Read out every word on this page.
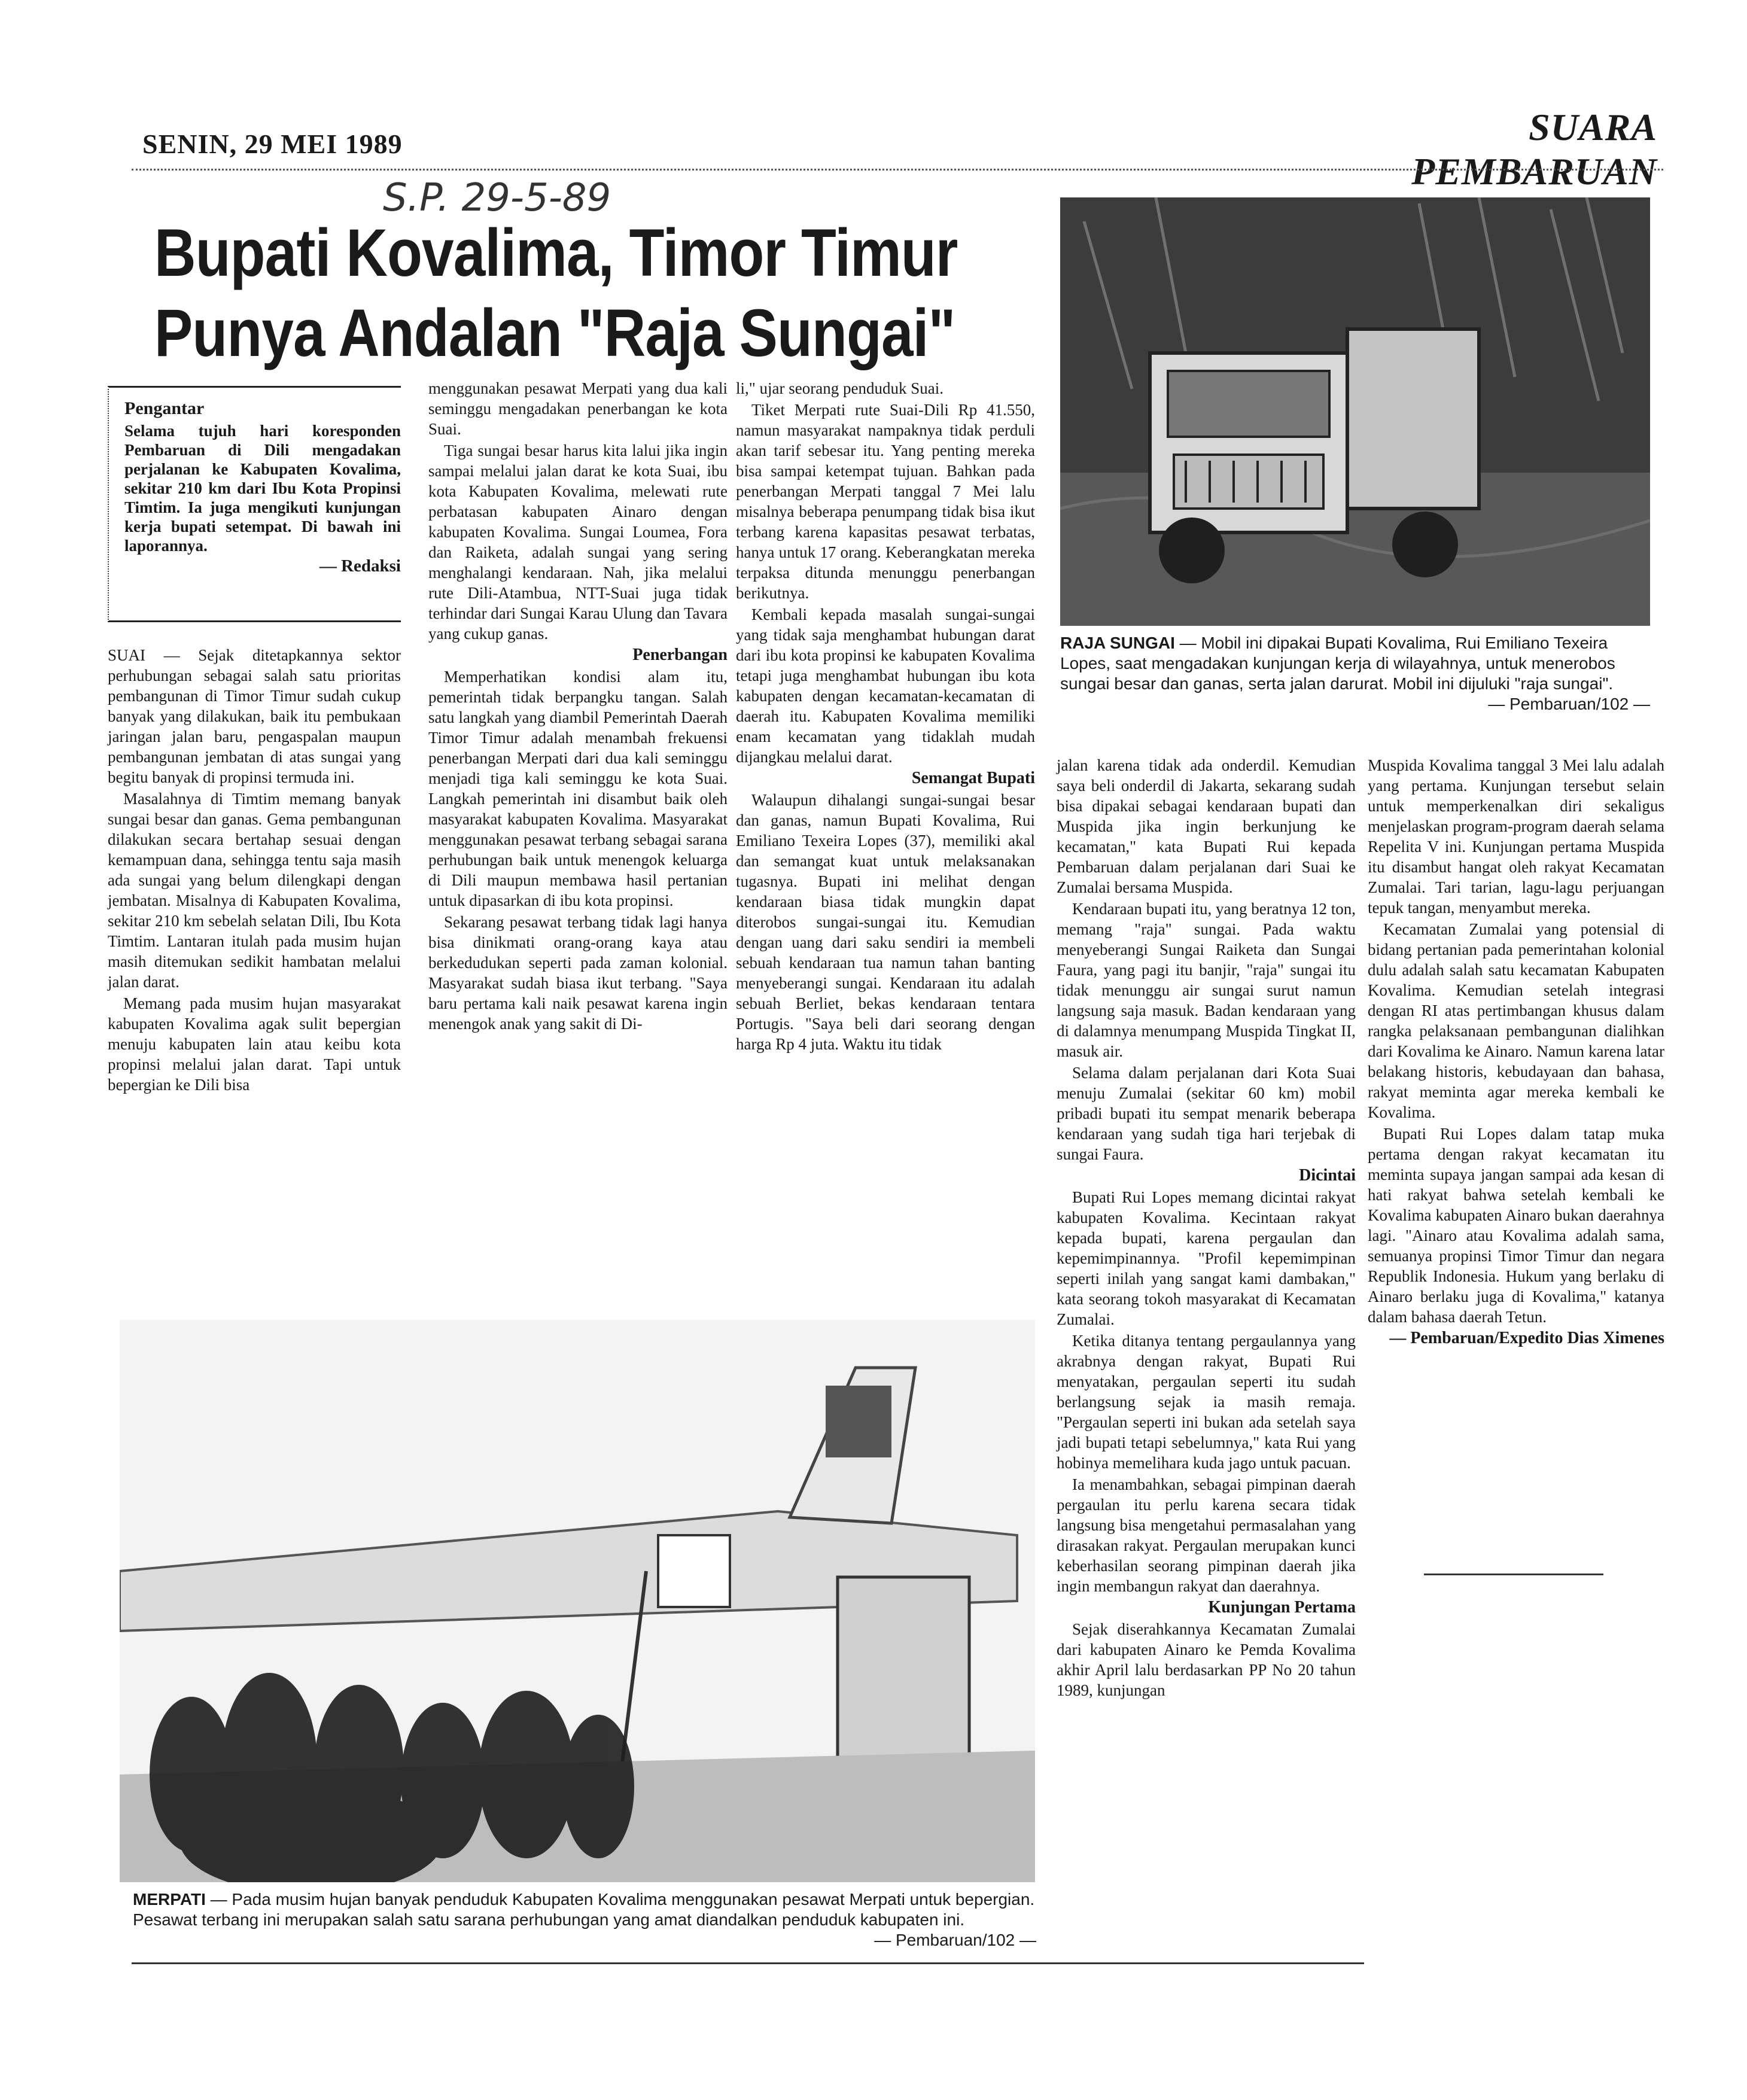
SENIN, 29 MEI 1989	SUARA PEMBARUAN
S.P. 29-5-89
Bupati Kovalima, Timor Timur
Punya Andalan "Raja Sungai"
Pengantar
Selama tujuh hari koresponden Pembaruan di Dili mengadakan perjalanan ke Kabupaten Kovalima, sekitar 210 km dari Ibu Kota Propinsi Timtim. Ia juga mengikuti kunjungan kerja bupati setempat. Di bawah ini laporannya.
— Redaksi

SUAI — Sejak ditetapkannya sektor perhubungan sebagai salah satu prioritas pembangunan di Timor Timur sudah cukup banyak yang dilakukan, baik itu pembukaan jaringan jalan baru, pengaspalan maupun pembangunan jembatan di atas sungai yang begitu banyak di propinsi termuda ini.

Masalahnya di Timtim memang banyak sungai besar dan ganas. Gema pembangunan dilakukan secara bertahap sesuai dengan kemampuan dana, sehingga tentu saja masih ada sungai yang belum dilengkapi dengan jembatan. Misalnya di Kabupaten Kovalima, sekitar 210 km sebelah selatan Dili, Ibu Kota Timtim. Lantaran itulah pada musim hujan masih ditemukan sedikit hambatan melalui jalan darat.

Memang pada musim hujan masyarakat kabupaten Kovalima agak sulit bepergian menuju kabupaten lain atau keibu kota propinsi melalui jalan darat. Tapi untuk bepergian ke Dili bisa

menggunakan pesawat Merpati yang dua kali seminggu mengadakan penerbangan ke kota Suai.

Tiga sungai besar harus kita lalui jika ingin sampai melalui jalan darat ke kota Suai, ibu kota Kabupaten Kovalima, melewati rute perbatasan kabupaten Ainaro dengan kabupaten Kovalima. Sungai Loumea, Fora dan Raiketa, adalah sungai yang sering menghalangi kendaraan. Nah, jika melalui rute Dili-Atambua, NTT-Suai juga tidak terhindar dari Sungai Karau Ulung dan Tavara yang cukup ganas.

Penerbangan

Memperhatikan kondisi alam itu, pemerintah tidak berpangku tangan. Salah satu langkah yang diambil Pemerintah Daerah Timor Timur adalah menambah frekuensi penerbangan Merpati dari dua kali seminggu menjadi tiga kali seminggu ke kota Suai. Langkah pemerintah ini disambut baik oleh masyarakat kabupaten Kovalima. Masyarakat menggunakan pesawat terbang sebagai sarana perhubungan baik untuk menengok keluarga di Dili maupun membawa hasil pertanian untuk dipasarkan di ibu kota propinsi.

Sekarang pesawat terbang tidak lagi hanya bisa dinikmati orang-orang kaya atau berkedudukan seperti pada zaman kolonial. Masyarakat sudah biasa ikut terbang. "Saya baru pertama kali naik pesawat karena ingin menengok anak yang sakit di Di-

li," ujar seorang penduduk Suai.

Tiket Merpati rute Suai-Dili Rp 41.550, namun masyarakat nampaknya tidak perduli akan tarif sebesar itu. Yang penting mereka bisa sampai ketempat tujuan. Bahkan pada penerbangan Merpati tanggal 7 Mei lalu misalnya beberapa penumpang tidak bisa ikut terbang karena kapasitas pesawat terbatas, hanya untuk 17 orang. Keberangkatan mereka terpaksa ditunda menunggu penerbangan berikutnya.

Kembali kepada masalah sungai-sungai yang tidak saja menghambat hubungan darat dari ibu kota propinsi ke kabupaten Kovalima tetapi juga menghambat hubungan ibu kota kabupaten dengan kecamatan-kecamatan di daerah itu. Kabupaten Kovalima memiliki enam kecamatan yang tidaklah mudah dijangkau melalui darat.

Semangat Bupati

Walaupun dihalangi sungai-sungai besar dan ganas, namun Bupati Kovalima, Rui Emiliano Texeira Lopes (37), memiliki akal dan semangat kuat untuk melaksanakan tugasnya. Bupati ini melihat dengan kendaraan biasa tidak mungkin dapat diterobos sungai-sungai itu. Kemudian dengan uang dari saku sendiri ia membeli sebuah kendaraan tua namun tahan banting menyeberangi sungai. Kendaraan itu adalah sebuah Berliet, bekas kendaraan tentara Portugis. "Saya beli dari seorang dengan harga Rp 4 juta. Waktu itu tidak

RAJA SUNGAI — Mobil ini dipakai Bupati Kovalima, Rui Emiliano Texeira Lopes, saat mengadakan kunjungan kerja di wilayahnya, untuk menerobos sungai besar dan ganas, serta jalan darurat. Mobil ini dijuluki "raja sungai".
— Pembaruan/102 —

jalan karena tidak ada onderdil. Kemudian saya beli onderdil di Jakarta, sekarang sudah bisa dipakai sebagai kendaraan bupati dan Muspida jika ingin berkunjung ke kecamatan," kata Bupati Rui kepada Pembaruan dalam perjalanan dari Suai ke Zumalai bersama Muspida.

Kendaraan bupati itu, yang beratnya 12 ton, memang "raja" sungai. Pada waktu menyeberangi Sungai Raiketa dan Sungai Faura, yang pagi itu banjir, "raja" sungai itu tidak menunggu air sungai surut namun langsung saja masuk. Badan kendaraan yang di dalamnya menumpang Muspida Tingkat II, masuk air.

Selama dalam perjalanan dari Kota Suai menuju Zumalai (sekitar 60 km) mobil pribadi bupati itu sempat menarik beberapa kendaraan yang sudah tiga hari terjebak di sungai Faura.

Dicintai

Bupati Rui Lopes memang dicintai rakyat kabupaten Kovalima. Kecintaan rakyat kepada bupati, karena pergaulan dan kepemimpinannya. "Profil kepemimpinan seperti inilah yang sangat kami dambakan," kata seorang tokoh masyarakat di Kecamatan Zumalai.

Ketika ditanya tentang pergaulannya yang akrabnya dengan rakyat, Bupati Rui menyatakan, pergaulan seperti itu sudah berlangsung sejak ia masih remaja. "Pergaulan seperti ini bukan ada setelah saya jadi bupati tetapi sebelumnya," kata Rui yang hobinya memelihara kuda jago untuk pacuan.

Ia menambahkan, sebagai pimpinan daerah pergaulan itu perlu karena secara tidak langsung bisa mengetahui permasalahan yang dirasakan rakyat. Pergaulan merupakan kunci keberhasilan seorang pimpinan daerah jika ingin membangun rakyat dan daerahnya.

Kunjungan Pertama

Sejak diserahkannya Kecamatan Zumalai dari kabupaten Ainaro ke Pemda Kovalima akhir April lalu berdasarkan PP No 20 tahun 1989, kunjungan

Muspida Kovalima tanggal 3 Mei lalu adalah yang pertama. Kunjungan tersebut selain untuk memperkenalkan diri sekaligus menjelaskan program-program daerah selama Repelita V ini. Kunjungan pertama Muspida itu disambut hangat oleh rakyat Kecamatan Zumalai. Tari tarian, lagu-lagu perjuangan tepuk tangan, menyambut mereka.

Kecamatan Zumalai yang potensial di bidang pertanian pada pemerintahan kolonial dulu adalah salah satu kecamatan Kabupaten Kovalima. Kemudian setelah integrasi dengan RI atas pertimbangan khusus dalam rangka pelaksanaan pembangunan dialihkan dari Kovalima ke Ainaro. Namun karena latar belakang historis, kebudayaan dan bahasa, rakyat meminta agar mereka kembali ke Kovalima.

Bupati Rui Lopes dalam tatap muka pertama dengan rakyat kecamatan itu meminta supaya jangan sampai ada kesan di hati rakyat bahwa setelah kembali ke Kovalima kabupaten Ainaro bukan daerahnya lagi. "Ainaro atau Kovalima adalah sama, semuanya propinsi Timor Timur dan negara Republik Indonesia. Hukum yang berlaku di Ainaro berlaku juga di Kovalima," katanya dalam bahasa daerah Tetun.

— Pembaruan/Expedito Dias Ximenes

MERPATI — Pada musim hujan banyak penduduk Kabupaten Kovalima menggunakan pesawat Merpati untuk bepergian. Pesawat terbang ini merupakan salah satu sarana perhubungan yang amat diandalkan penduduk kabupaten ini.
— Pembaruan/102 —
